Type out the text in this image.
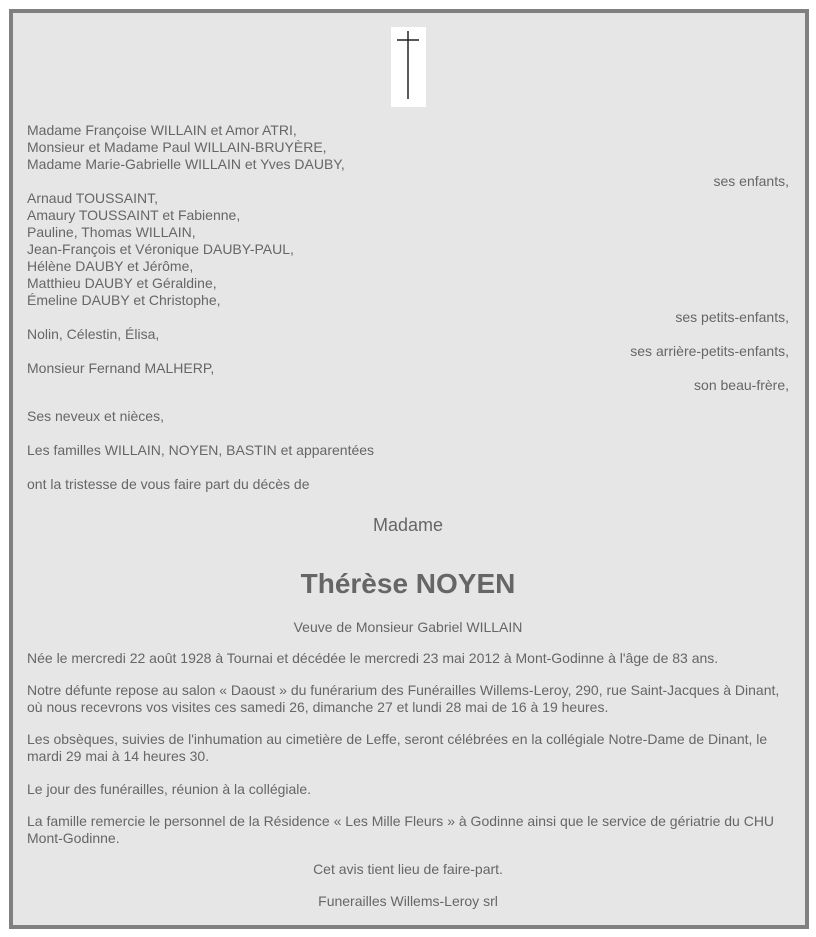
Madame Françoise WILLAIN et Amor ATRI,
Monsieur et Madame Paul WILLAIN-BRUYÈRE,
Madame Marie-Gabrielle WILLAIN et Yves DAUBY,
ses enfants,
Arnaud TOUSSAINT,
Amaury TOUSSAINT et Fabienne,
Pauline, Thomas WILLAIN,
Jean-François et Véronique DAUBY-PAUL,
Hélène DAUBY et Jérôme,
Matthieu DAUBY et Géraldine,
Émeline DAUBY et Christophe,
ses petits-enfants,
Nolin, Célestin, Élisa,
ses arrière-petits-enfants,
Monsieur Fernand MALHERP,
son beau-frère,
Ses neveux et nièces,
Les familles WILLAIN, NOYEN, BASTIN et apparentées
ont la tristesse de vous faire part du décès de
Madame
Thérèse NOYEN
Veuve de Monsieur Gabriel WILLAIN
Née le mercredi 22 août 1928 à Tournai et décédée le mercredi 23 mai 2012 à Mont-Godinne à l'âge de 83 ans.
Notre défunte repose au salon « Daoust » du funérarium des Funérailles Willems-Leroy, 290, rue Saint-Jacques à Dinant, où nous recevrons vos visites ces samedi 26, dimanche 27 et lundi 28 mai de 16 à 19 heures.
Les obsèques, suivies de l'inhumation au cimetière de Leffe, seront célébrées en la collégiale Notre-Dame de Dinant, le mardi 29 mai à 14 heures 30.
Le jour des funérailles, réunion à la collégiale.
La famille remercie le personnel de la Résidence « Les Mille Fleurs » à Godinne ainsi que le service de gériatrie du CHU Mont-Godinne.
Cet avis tient lieu de faire-part.
Funerailles Willems-Leroy srl
